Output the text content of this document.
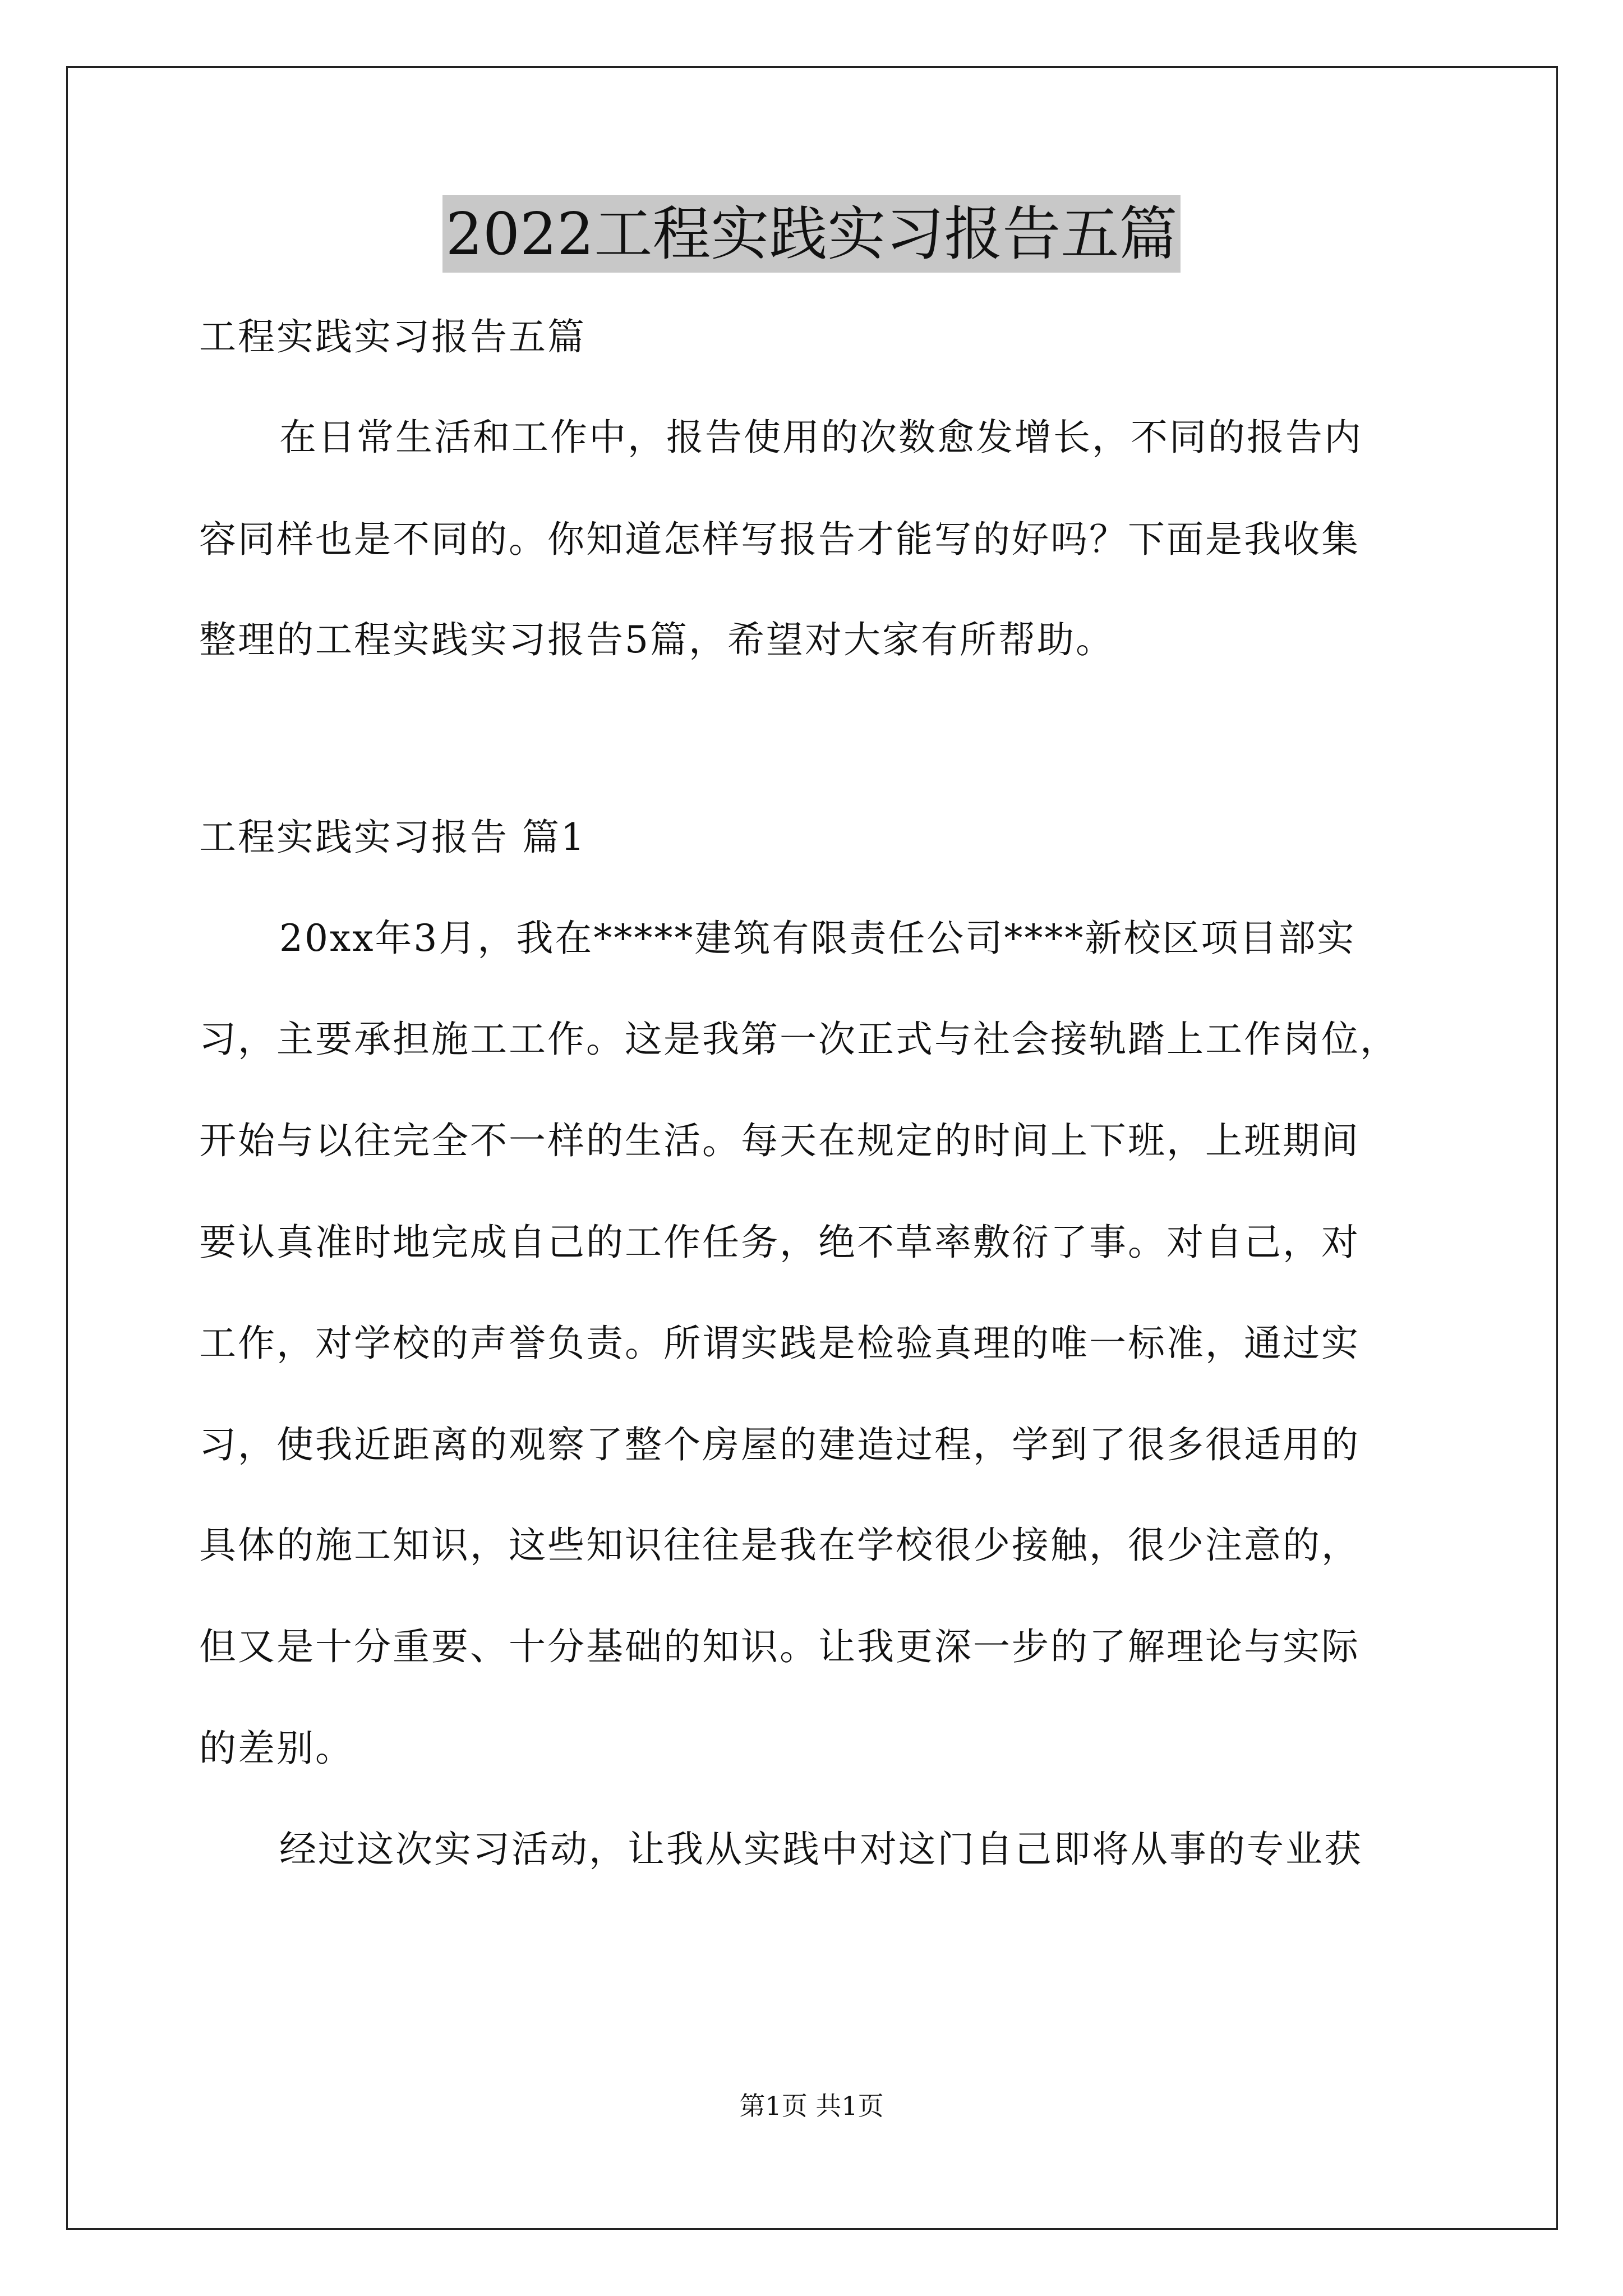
2022工程实践实习报告五篇

工程实践实习报告五篇

在日常生活和工作中，报告使用的次数愈发增长，不同的报告内

容同样也是不同的。你知道怎样写报告才能写的好吗？下面是我收集

整理的工程实践实习报告5篇，希望对大家有所帮助。

工程实践实习报告 篇1

20xx年3月，我在*****建筑有限责任公司****新校区项目部实

习，主要承担施工工作。这是我第一次正式与社会接轨踏上工作岗位，

开始与以往完全不一样的生活。每天在规定的时间上下班，上班期间

要认真准时地完成自己的工作任务，绝不草率敷衍了事。对自己，对

工作，对学校的声誉负责。所谓实践是检验真理的唯一标准，通过实

习，使我近距离的观察了整个房屋的建造过程，学到了很多很适用的

具体的施工知识，这些知识往往是我在学校很少接触，很少注意的，

但又是十分重要、十分基础的知识。让我更深一步的了解理论与实际

的差别。

经过这次实习活动，让我从实践中对这门自己即将从事的专业获

第1页 共1页
